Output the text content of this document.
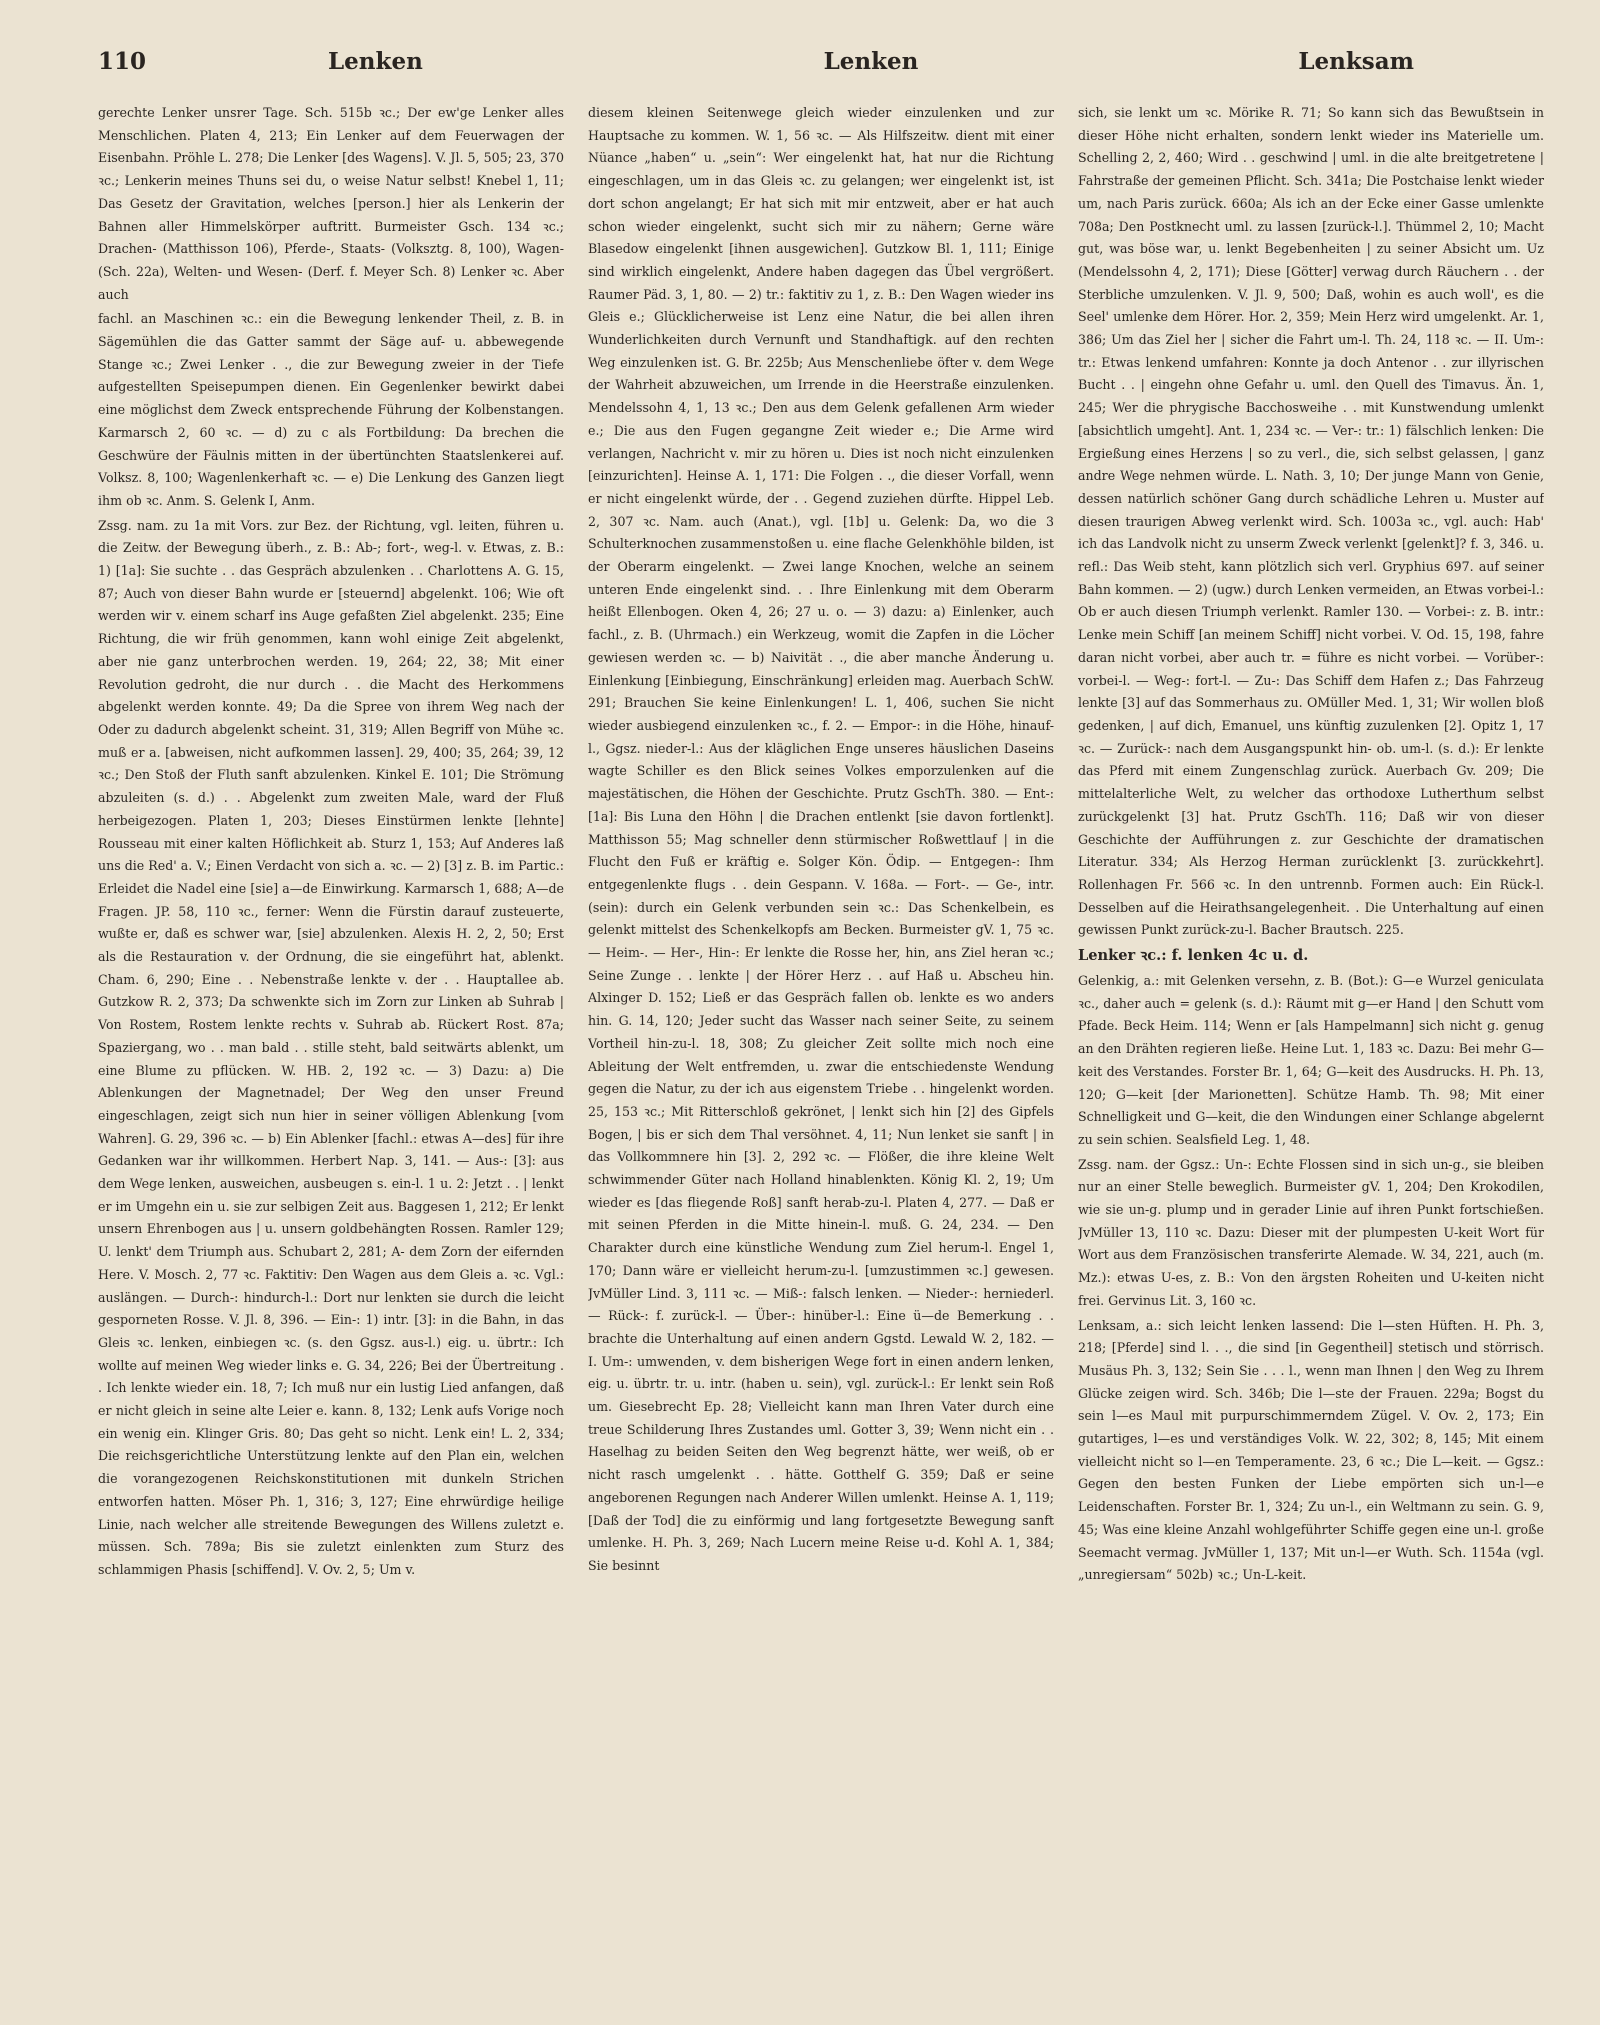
110	Lenken	Lenken	Lenksam

gerechte Lenker unsrer Tage. Sch. 515b ꝛc.; Der ew'ge Lenker alles Menschlichen. Platen 4, 213; Ein Lenker auf dem Feuerwagen der Eisenbahn. Pröhle L. 278; Die Lenker [des Wagens]. V. Jl. 5, 505; 23, 370 ꝛc.; Lenkerin meines Thuns sei du, o weise Natur selbst! Knebel 1, 11; Das Gesetz der Gravitation, welches [person.] hier als Lenkerin der Bahnen aller Himmelskörper auftritt. Burmeister Gsch. 134 ꝛc.; Drachen- (Matthisson 106), Pferde-, Staats- (Volksztg. 8, 100), Wagen- (Sch. 22a), Welten- und Wesen- (Derf. f. Meyer Sch. 8) Lenker ꝛc. Aber auch

fachl. an Maschinen ꝛc.: ein die Bewegung lenkender Theil, z. B. in Sägemühlen die das Gatter sammt der Säge auf- u. abbewegende Stange ꝛc.; Zwei Lenker . ., die zur Bewegung zweier in der Tiefe aufgestellten Speisepumpen dienen. Ein Gegenlenker bewirkt dabei eine möglichst dem Zweck entsprechende Führung der Kolbenstangen. Karmarsch 2, 60 ꝛc. — d) zu c als Fortbildung: Da brechen die Geschwüre der Fäulnis mitten in der übertünchten Staatslenkerei auf. Volksz. 8, 100; Wagenlenkerhaft ꝛc. — e) Die Lenkung des Ganzen liegt ihm ob ꝛc. Anm. S. Gelenk I, Anm.

Zssg. nam. zu 1a mit Vors. zur Bez. der Richtung, vgl. leiten, führen u. die Zeitw. der Bewegung überh., z. B.: Ab-; fort-, weg-l. v. Etwas, z. B.: 1) [1a]: Sie suchte . . das Gespräch abzulenken . . Charlottens A. G. 15, 87; Auch von dieser Bahn wurde er [steuernd] abgelenkt. 106; Wie oft werden wir v. einem scharf ins Auge gefaßten Ziel abgelenkt. 235; Eine Richtung, die wir früh genommen, kann wohl einige Zeit abgelenkt, aber nie ganz unterbrochen werden. 19, 264; 22, 38; Mit einer Revolution gedroht, die nur durch . . die Macht des Herkommens abgelenkt werden konnte. 49; Da die Spree von ihrem Weg nach der Oder zu dadurch abgelenkt scheint. 31, 319; Allen Begriff von Mühe ꝛc. muß er a. [abweisen, nicht aufkommen lassen]. 29, 400; 35, 264; 39, 12 ꝛc.; Den Stoß der Fluth sanft abzulenken. Kinkel E. 101; Die Strömung abzuleiten (s. d.) . . Abgelenkt zum zweiten Male, ward der Fluß herbeigezogen. Platen 1, 203; Dieses Einstürmen lenkte [lehnte] Rousseau mit einer kalten Höflichkeit ab. Sturz 1, 153; Auf Anderes laß uns die Red' a. V.; Einen Verdacht von sich a. ꝛc. — 2) [3] z. B. im Partic.: Erleidet die Nadel eine [sie] a—de Einwirkung. Karmarsch 1, 688; A—de Fragen. JP. 58, 110 ꝛc., ferner: Wenn die Fürstin darauf zusteuerte, wußte er, daß es schwer war, [sie] abzulenken. Alexis H. 2, 2, 50; Erst als die Restauration v. der Ordnung, die sie eingeführt hat, ablenkt. Cham. 6, 290; Eine . . Nebenstraße lenkte v. der . . Hauptallee ab. Gutzkow R. 2, 373; Da schwenkte sich im Zorn zur Linken ab Suhrab | Von Rostem, Rostem lenkte rechts v. Suhrab ab. Rückert Rost. 87a; Spaziergang, wo . . man bald . . stille steht, bald seitwärts ablenkt, um eine Blume zu pflücken. W. HB. 2, 192 ꝛc. — 3) Dazu: a) Die Ablenkungen der Magnetnadel; Der Weg den unser Freund eingeschlagen, zeigt sich nun hier in seiner völligen Ablenkung [vom Wahren]. G. 29, 396 ꝛc. — b) Ein Ablenker [fachl.: etwas A—des] für ihre Gedanken war ihr willkommen. Herbert Nap. 3, 141. — Aus-: [3]: aus dem Wege lenken, ausweichen, ausbeugen s. ein-l. 1 u. 2: Jetzt . . | lenkt er im Umgehn ein u. sie zur selbigen Zeit aus. Baggesen 1, 212; Er lenkt unsern Ehrenbogen aus | u. unsern goldbehängten Rossen. Ramler 129; U. lenkt' dem Triumph aus. Schubart 2, 281; A- dem Zorn der eifernden Here. V. Mosch. 2, 77 ꝛc. Faktitiv: Den Wagen aus dem Gleis a. ꝛc. Vgl.: auslängen. — Durch-: hindurch-l.: Dort nur lenkten sie durch die leicht gesporneten Rosse. V. Jl. 8, 396. — Ein-: 1) intr. [3]: in die Bahn, in das Gleis ꝛc. lenken, einbiegen ꝛc. (s. den Ggsz. aus-l.) eig. u. übrtr.: Ich wollte auf meinen Weg wieder links e. G. 34, 226; Bei der Übertreitung . . Ich lenkte wieder ein. 18, 7; Ich muß nur ein lustig Lied anfangen, daß er nicht gleich in seine alte Leier e. kann. 8, 132; Lenk aufs Vorige noch ein wenig ein. Klinger Gris. 80; Das geht so nicht. Lenk ein! L. 2, 334; Die reichsgerichtliche Unterstützung lenkte auf den Plan ein, welchen die vorangezogenen Reichskonstitutionen mit dunkeln Strichen entworfen hatten. Möser Ph. 1, 316; 3, 127; Eine ehrwürdige heilige Linie, nach welcher alle streitende Bewegungen des Willens zuletzt e. müssen. Sch. 789a; Bis sie zuletzt einlenkten zum Sturz des schlammigen Phasis [schiffend]. V. Ov. 2, 5; Um v.

diesem kleinen Seitenwege gleich wieder einzulenken und zur Hauptsache zu kommen. W. 1, 56 ꝛc. — Als Hilfszeitw. dient mit einer Nüance „haben“ u. „sein“: Wer eingelenkt hat, hat nur die Richtung eingeschlagen, um in das Gleis ꝛc. zu gelangen; wer eingelenkt ist, ist dort schon angelangt; Er hat sich mit mir entzweit, aber er hat auch schon wieder eingelenkt, sucht sich mir zu nähern; Gerne wäre Blasedow eingelenkt [ihnen ausgewichen]. Gutzkow Bl. 1, 111; Einige sind wirklich eingelenkt, Andere haben dagegen das Übel vergrößert. Raumer Päd. 3, 1, 80. — 2) tr.: faktitiv zu 1, z. B.: Den Wagen wieder ins Gleis e.; Glücklicherweise ist Lenz eine Natur, die bei allen ihren Wunderlichkeiten durch Vernunft und Standhaftigk. auf den rechten Weg einzulenken ist. G. Br. 225b; Aus Menschenliebe öfter v. dem Wege der Wahrheit abzuweichen, um Irrende in die Heerstraße einzulenken. Mendelssohn 4, 1, 13 ꝛc.; Den aus dem Gelenk gefallenen Arm wieder e.; Die aus den Fugen gegangne Zeit wieder e.; Die Arme wird verlangen, Nachricht v. mir zu hören u. Dies ist noch nicht einzulenken [einzurichten]. Heinse A. 1, 171: Die Folgen . ., die dieser Vorfall, wenn er nicht eingelenkt würde, der . . Gegend zuziehen dürfte. Hippel Leb. 2, 307 ꝛc. Nam. auch (Anat.), vgl. [1b] u. Gelenk: Da, wo die 3 Schulterknochen zusammenstoßen u. eine flache Gelenkhöhle bilden, ist der Oberarm eingelenkt. — Zwei lange Knochen, welche an seinem unteren Ende eingelenkt sind. . . Ihre Einlenkung mit dem Oberarm heißt Ellenbogen. Oken 4, 26; 27 u. o. — 3) dazu: a) Einlenker, auch fachl., z. B. (Uhrmach.) ein Werkzeug, womit die Zapfen in die Löcher gewiesen werden ꝛc. — b) Naivität . ., die aber manche Änderung u. Einlenkung [Einbiegung, Einschränkung] erleiden mag. Auerbach SchW. 291; Brauchen Sie keine Einlenkungen! L. 1, 406, suchen Sie nicht wieder ausbiegend einzulenken ꝛc., f. 2. — Empor-: in die Höhe, hinauf-l., Ggsz. nieder-l.: Aus der kläglichen Enge unseres häuslichen Daseins wagte Schiller es den Blick seines Volkes emporzulenken auf die majestätischen, die Höhen der Geschichte. Prutz GschTh. 380. — Ent-: [1a]: Bis Luna den Höhn | die Drachen entlenkt [sie davon fortlenkt]. Matthisson 55; Mag schneller denn stürmischer Roßwettlauf | in die Flucht den Fuß er kräftig e. Solger Kön. Ödip. — Entgegen-: Ihm entgegenlenkte flugs . . dein Gespann. V. 168a. — Fort-. — Ge-, intr. (sein): durch ein Gelenk verbunden sein ꝛc.: Das Schenkelbein, es gelenkt mittelst des Schenkelkopfs am Becken. Burmeister gV. 1, 75 ꝛc. — Heim-. — Her-, Hin-: Er lenkte die Rosse her, hin, ans Ziel heran ꝛc.; Seine Zunge . . lenkte | der Hörer Herz . . auf Haß u. Abscheu hin. Alxinger D. 152; Ließ er das Gespräch fallen ob. lenkte es wo anders hin. G. 14, 120; Jeder sucht das Wasser nach seiner Seite, zu seinem Vortheil hin-zu-l. 18, 308; Zu gleicher Zeit sollte mich noch eine Ableitung der Welt entfremden, u. zwar die entschiedenste Wendung gegen die Natur, zu der ich aus eigenstem Triebe . . hingelenkt worden. 25, 153 ꝛc.; Mit Ritterschloß gekrönet, | lenkt sich hin [2] des Gipfels Bogen, | bis er sich dem Thal versöhnet. 4, 11; Nun lenket sie sanft | in das Vollkommnere hin [3]. 2, 292 ꝛc. — Flößer, die ihre kleine Welt schwimmender Güter nach Holland hinablenkten. König Kl. 2, 19; Um wieder es [das fliegende Roß] sanft herab-zu-l. Platen 4, 277. — Daß er mit seinen Pferden in die Mitte hinein-l. muß. G. 24, 234. — Den Charakter durch eine künstliche Wendung zum Ziel herum-l. Engel 1, 170; Dann wäre er vielleicht herum-zu-l. [umzustimmen ꝛc.] gewesen. JvMüller Lind. 3, 111 ꝛc. — Miß-: falsch lenken. — Nieder-: herniederl. — Rück-: f. zurück-l. — Über-: hinüber-l.: Eine ü—de Bemerkung . . brachte die Unterhaltung auf einen andern Ggstd. Lewald W. 2, 182. — I. Um-: umwenden, v. dem bisherigen Wege fort in einen andern lenken, eig. u. übrtr. tr. u. intr. (haben u. sein), vgl. zurück-l.: Er lenkt sein Roß um. Giesebrecht Ep. 28; Vielleicht kann man Ihren Vater durch eine treue Schilderung Ihres Zustandes uml. Gotter 3, 39; Wenn nicht ein . . Haselhag zu beiden Seiten den Weg begrenzt hätte, wer weiß, ob er nicht rasch umgelenkt . . hätte. Gotthelf G. 359; Daß er seine angeborenen Regungen nach Anderer Willen umlenkt. Heinse A. 1, 119; [Daß der Tod] die zu einförmig und lang fortgesetzte Bewegung sanft umlenke. H. Ph. 3, 269; Nach Lucern meine Reise u-d. Kohl A. 1, 384; Sie besinnt

sich, sie lenkt um ꝛc. Mörike R. 71; So kann sich das Bewußtsein in dieser Höhe nicht erhalten, sondern lenkt wieder ins Materielle um. Schelling 2, 2, 460; Wird . . geschwind | uml. in die alte breitgetretene | Fahrstraße der gemeinen Pflicht. Sch. 341a; Die Postchaise lenkt wieder um, nach Paris zurück. 660a; Als ich an der Ecke einer Gasse umlenkte 708a; Den Postknecht uml. zu lassen [zurück-l.]. Thümmel 2, 10; Macht gut, was böse war, u. lenkt Begebenheiten | zu seiner Absicht um. Uz (Mendelssohn 4, 2, 171); Diese [Götter] verwag durch Räuchern . . der Sterbliche umzulenken. V. Jl. 9, 500; Daß, wohin es auch woll', es die Seel' umlenke dem Hörer. Hor. 2, 359; Mein Herz wird umgelenkt. Ar. 1, 386; Um das Ziel her | sicher die Fahrt um-l. Th. 24, 118 ꝛc. — II. Um-: tr.: Etwas lenkend umfahren: Konnte ja doch Antenor . . zur illyrischen Bucht . . | eingehn ohne Gefahr u. uml. den Quell des Timavus. Än. 1, 245; Wer die phrygische Bacchosweihe . . mit Kunstwendung umlenkt [absichtlich umgeht]. Ant. 1, 234 ꝛc. — Ver-: tr.: 1) fälschlich lenken: Die Ergießung eines Herzens | so zu verl., die, sich selbst gelassen, | ganz andre Wege nehmen würde. L. Nath. 3, 10; Der junge Mann von Genie, dessen natürlich schöner Gang durch schädliche Lehren u. Muster auf diesen traurigen Abweg verlenkt wird. Sch. 1003a ꝛc., vgl. auch: Hab' ich das Landvolk nicht zu unserm Zweck verlenkt [gelenkt]? f. 3, 346. u. refl.: Das Weib steht, kann plötzlich sich verl. Gryphius 697. auf seiner Bahn kommen. — 2) (ugw.) durch Lenken vermeiden, an Etwas vorbei-l.: Ob er auch diesen Triumph verlenkt. Ramler 130. — Vorbei-: z. B. intr.: Lenke mein Schiff [an meinem Schiff] nicht vorbei. V. Od. 15, 198, fahre daran nicht vorbei, aber auch tr. = führe es nicht vorbei. — Vorüber-: vorbei-l. — Weg-: fort-l. — Zu-: Das Schiff dem Hafen z.; Das Fahrzeug lenkte [3] auf das Sommerhaus zu. OMüller Med. 1, 31; Wir wollen bloß gedenken, | auf dich, Emanuel, uns künftig zuzulenken [2]. Opitz 1, 17 ꝛc. — Zurück-: nach dem Ausgangspunkt hin- ob. um-l. (s. d.): Er lenkte das Pferd mit einem Zungenschlag zurück. Auerbach Gv. 209; Die mittelalterliche Welt, zu welcher das orthodoxe Lutherthum selbst zurückgelenkt [3] hat. Prutz GschTh. 116; Daß wir von dieser Geschichte der Aufführungen z. zur Geschichte der dramatischen Literatur. 334; Als Herzog Herman zurücklenkt [3. zurückkehrt]. Rollenhagen Fr. 566 ꝛc. In den untrennb. Formen auch: Ein Rück-l. Desselben auf die Heirathsangelegenheit. . Die Unterhaltung auf einen gewissen Punkt zurück-zu-l. Bacher Brautsch. 225.

Lenker ꝛc.: f. lenken 4c u. d.

Gelenkig, a.: mit Gelenken versehn, z. B. (Bot.): G—e Wurzel geniculata ꝛc., daher auch = gelenk (s. d.): Räumt mit g—er Hand | den Schutt vom Pfade. Beck Heim. 114; Wenn er [als Hampelmann] sich nicht g. genug an den Drähten regieren ließe. Heine Lut. 1, 183 ꝛc. Dazu: Bei mehr G—keit des Verstandes. Forster Br. 1, 64; G—keit des Ausdrucks. H. Ph. 13, 120; G—keit [der Marionetten]. Schütze Hamb. Th. 98; Mit einer Schnelligkeit und G—keit, die den Windungen einer Schlange abgelernt zu sein schien. Sealsfield Leg. 1, 48.

Zssg. nam. der Ggsz.: Un-: Echte Flossen sind in sich un-g., sie bleiben nur an einer Stelle beweglich. Burmeister gV. 1, 204; Den Krokodilen, wie sie un-g. plump und in gerader Linie auf ihren Punkt fortschießen. JvMüller 13, 110 ꝛc. Dazu: Dieser mit der plumpesten U-keit Wort für Wort aus dem Französischen transferirte Alemade. W. 34, 221, auch (m. Mz.): etwas U-es, z. B.: Von den ärgsten Roheiten und U-keiten nicht frei. Gervinus Lit. 3, 160 ꝛc.

Lenksam, a.: sich leicht lenken lassend: Die l—sten Hüften. H. Ph. 3, 218; [Pferde] sind l. . ., die sind [in Gegentheil] stetisch und störrisch. Musäus Ph. 3, 132; Sein Sie . . . l., wenn man Ihnen | den Weg zu Ihrem Glücke zeigen wird. Sch. 346b; Die l—ste der Frauen. 229a; Bogst du sein l—es Maul mit purpurschimmerndem Zügel. V. Ov. 2, 173; Ein gutartiges, l—es und verständiges Volk. W. 22, 302; 8, 145; Mit einem vielleicht nicht so l—en Temperamente. 23, 6 ꝛc.; Die L—keit. — Ggsz.: Gegen den besten Funken der Liebe empörten sich un-l—e Leidenschaften. Forster Br. 1, 324; Zu un-l., ein Weltmann zu sein. G. 9, 45; Was eine kleine Anzahl wohlgeführter Schiffe gegen eine un-l. große Seemacht vermag. JvMüller 1, 137; Mit un-l—er Wuth. Sch. 1154a (vgl. „unregiersam“ 502b) ꝛc.; Un-L-keit.
